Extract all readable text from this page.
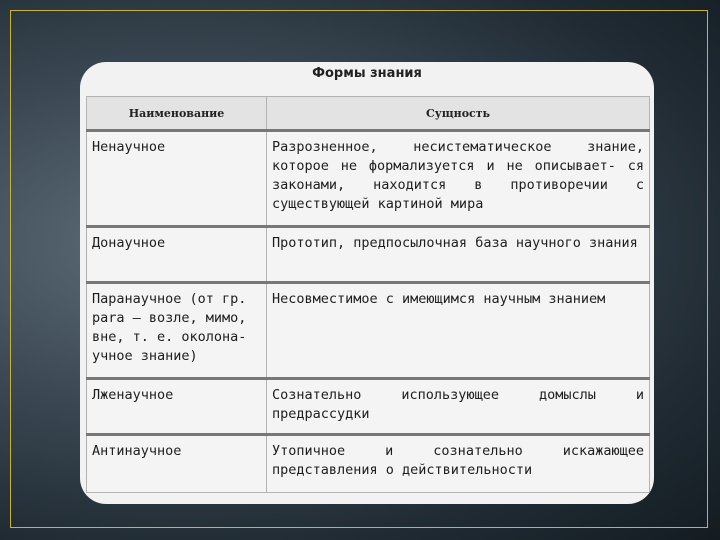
Формы знания
Наименование	Сущность
Ненаучное	Разрозненное, несистематическое знание, которое не формализуется и не описывает- ся законами, находится в противоречии с существующей картиной мира
Донаучное	Прототип, предпосылочная база научного знания
Паранаучное (от гр. para — возле, мимо, вне, т. е. околона- учное знание)	Несовместимое с имеющимся научным знанием
Лженаучное	Сознательно использующее домыслы и предрассудки
Антинаучное	Утопичное и сознательно искажающее представления о действительности
